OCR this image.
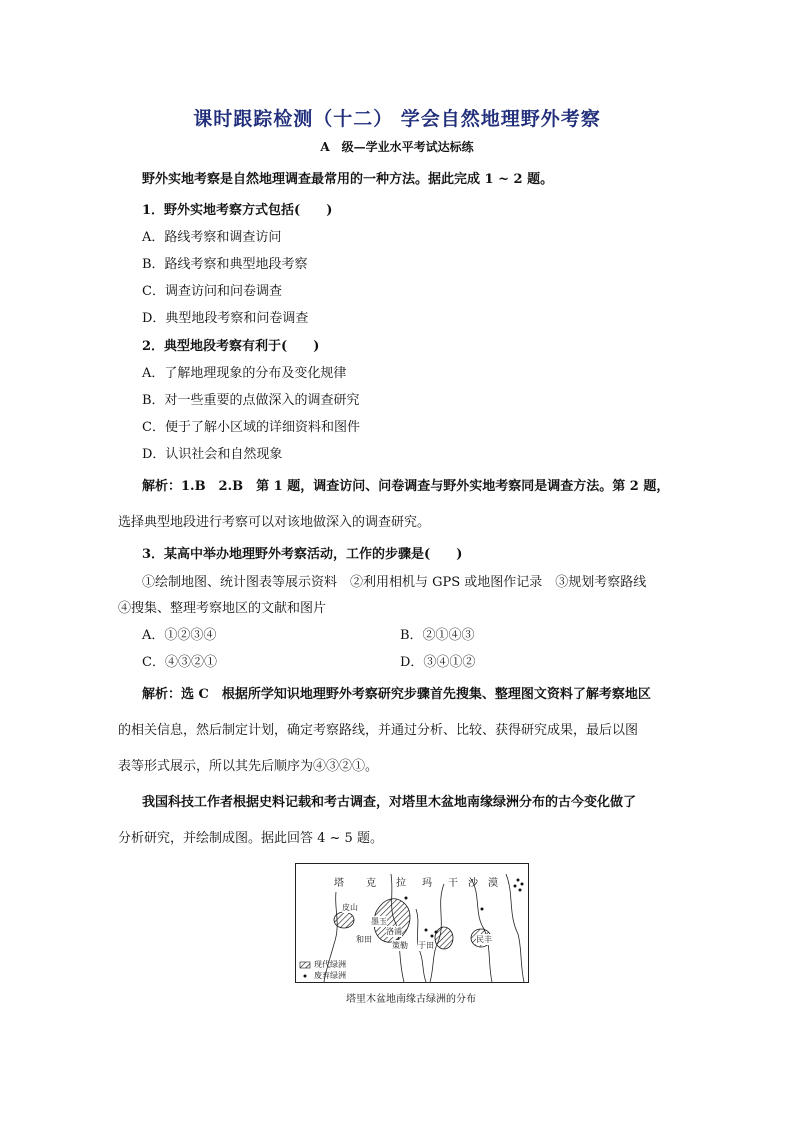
课时跟踪检测（十二） 学会自然地理野外考察
A　级—学业水平考试达标练
野外实地考察是自然地理调查最常用的一种方法。据此完成 1 ~ 2 题。
1．野外实地考察方式包括(　　)
A．路线考察和调查访问
B．路线考察和典型地段考察
C．调查访问和问卷调查
D．典型地段考察和问卷调查
2．典型地段考察有利于(　　)
A．了解地理现象的分布及变化规律
B．对一些重要的点做深入的调查研究
C．便于了解小区域的详细资料和图件
D．认识社会和自然现象
解析：1.B　2.B　第 1 题，调查访问、问卷调查与野外实地考察同是调查方法。第 2 题，
选择典型地段进行考察可以对该地做深入的调查研究。
3．某高中举办地理野外考察活动，工作的步骤是(　　)
①绘制地图、统计图表等展示资料　②利用相机与 GPS 或地图作记录　③规划考察路线
④搜集、整理考察地区的文献和图片
A．①②③④	B．②①④③
C．④③②①	D．③④①②
解析：选 C　根据所学知识地理野外考察研究步骤首先搜集、整理图文资料了解考察地区
的相关信息，然后制定计划，确定考察路线，并通过分析、比较、获得研究成果，最后以图
表等形式展示，所以其先后顺序为④③②①。
我国科技工作者根据史料记载和考古调查，对塔里木盆地南缘绿洲分布的古今变化做了
分析研究，并绘制成图。据此回答 4 ~ 5 题。
塔 克 拉 玛 干 沙 漠
皮山
墨玉
洛浦
和田
策勒 于田
民丰
现代绿洲
废弃绿洲
塔里木盆地南缘古绿洲的分布
